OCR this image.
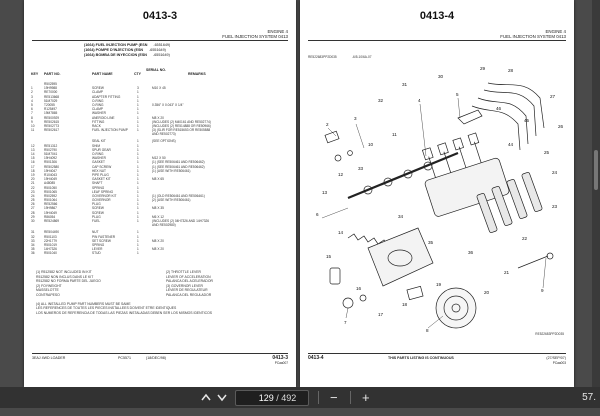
0413-3
ENGINE 4
FUEL INJECTION SYSTEM 0413
(1664) FUEL INJECTION PUMP (ESN -6551649)
(1664) POMPE D'INJECTION (ESN -6551649)
(1664) BOMBA DE INYECCION (ESN -6551649)
KEY PART NO.	PART NAME	CTY
SERIAL NO.
REMARKS
R502595
1	19H9988	SCREW	3	M10 X 45
2	RE70000	CLAMP	1
3	RE513668	ADAPTER FITTING	1
4	51M7029	O-RING	1
5	T20055	O-RING	1	0.356" X 0.043" X 1/4"
6	R125497	CLAMP	1
7	19M7865	WASHER	1
8	RE500929	ANEROID LINE	1	M8 X 20
9	RE502615	FITTING	1	(INCLUDES (2) M40161 AND RE502774)
10	RE502773	RACK	1	(INCLUDES (2) RE514888 OR RE50966)
11	RE502617	FUEL INJECTION PUMP	1	(3) (SLIR FOR RE515653 OR RE505888
AND RE502773)
SEAL KIT	1	(SEE OPTIONS)
12	RE51312	SHIM	1
13	R502790	SPUR GEAR	1
14	51M7041	O-RING	1
15	19H4092	WASHER	1	M12 X 50
16	R501306	GASKET	1	(1) (SEE RE506461 AND RE506462)
17	RE502580	CAP SCREW	1	(1) (SEE RE506461 AND RE506462)
18	19H4047	HEX NUT	1	(1) (USE WITH RE506461)
19	R104043	PIPE PLUG	1
20	19H4049	GASKET KIT	1	M8 X 65
21	A48085	SHAFT	1
22	R501050	SPRING	1
23	R501065	LEAF SPRING	1
24	R502592	GOVERNOR KIT	1	(1) (OLD RE506461 AND RE506461)
25	R501064	GOVERNOR	1	(2) (USE WITH RE506461)
26	RE52566	PLUG	1
27	19H9867	SCREW	1	M8 X 35
28	19H4049	SCREW	1
29	R86054	PLUG	1	M6 X 12
30	RE524869	FUEL	1	(INCLUDES (2) 04H7326 AND 14H7326
AND RE502980)
31	RE504490	NUT	1
32	R501103	PIN FASTENER	1
33	22H1779	SET SCREW	1	M8 X 20
34	R501019	SPRING	1
35	14H7326	LEVER	1	M8 X 20
36	R501040	STUD	1
(1) R512582 NOT INCLUDED IN KIT	(2) THROTTLE LEVER
R512582 NON INCLUS DANS LE KIT	LEVIER OF ACCELERATION
R512582 NO FORMA PARTE DEL JUEGO	PALANCA DEL ACELERADOR
(2) FOYWEIGHT	(3) GOVERNOR LEVER
MASSELOTTE	LEVIER DE REGULATEUR
CONTRAPESO	PALANCA DEL REGULADOR
(4) ALL INSTALLED PUMP PART NUMBERS MUST BE SAME
LES REFERENCES DE TOUTES LES PIECES INSTALLEES DOIVENT ETRE IDENTIQUES
LOS NUMEROS DE REFERENCIA DE TODAS LAS PIEZAS INSTALADAS DEBEN SER LOS MISMOS IDENTICOS
3EAJ 4WD LOADER	PC5571	(18/DEC/98)	0413-3
PCaa007
0413-4
ENGINE 4
FUEL INJECTION SYSTEM 0413
RE522683PP2D035	-6/5-10/6A-07
2
3
4
5
6
7
8
9
10
11
12
13
14
15
16
17
18
19
20
21
22
23
24
25
26
27
28
29
30
31
32
33
34
35
36
44
45
46
RE522683PP2D035
0413-4	THIS PARTS LISTING IS CONTINUOUS	(27/SEP/07)
PCaa003
129 / 492	− +	57.
